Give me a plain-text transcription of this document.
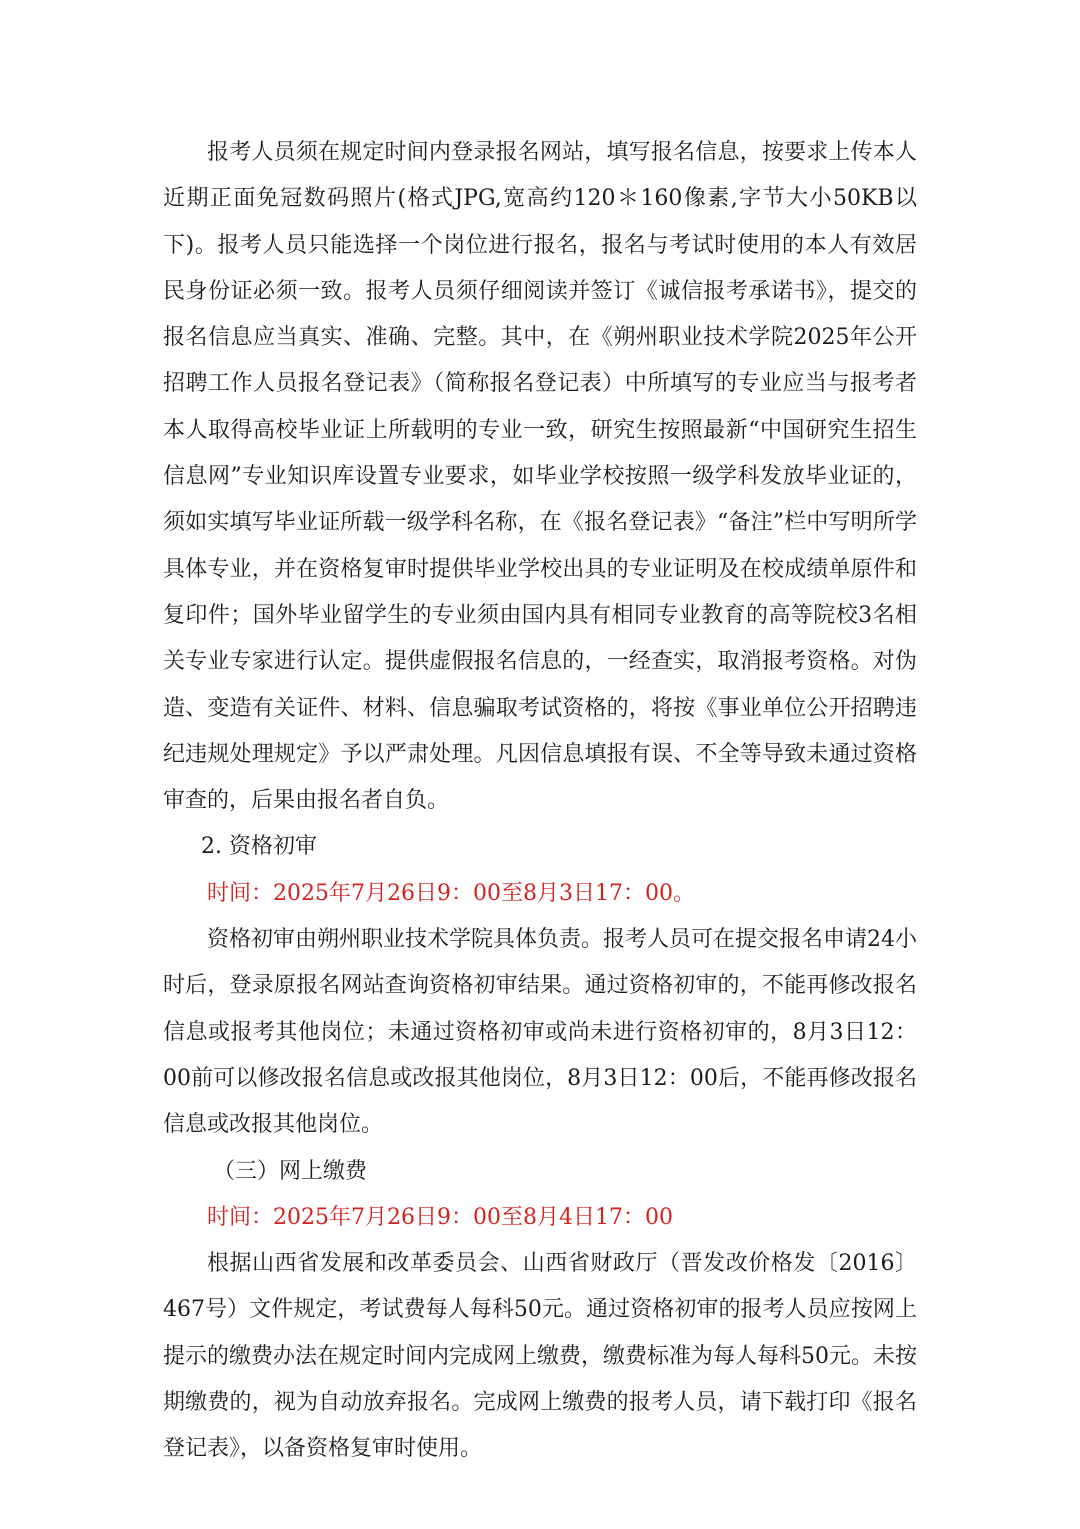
报考人员须在规定时间内登录报名网站，填写报名信息，按要求上传本人近期正面免冠数码照片(格式JPG,宽高约120＊160像素,字节大小50KB以下)。报考人员只能选择一个岗位进行报名，报名与考试时使用的本人有效居民身份证必须一致。报考人员须仔细阅读并签订《诚信报考承诺书》，提交的报名信息应当真实、准确、完整。其中，在《朔州职业技术学院2025年公开招聘工作人员报名登记表》（简称报名登记表）中所填写的专业应当与报考者本人取得高校毕业证上所载明的专业一致，研究生按照最新“中国研究生招生信息网”专业知识库设置专业要求，如毕业学校按照一级学科发放毕业证的，须如实填写毕业证所载一级学科名称，在《报名登记表》“备注”栏中写明所学具体专业，并在资格复审时提供毕业学校出具的专业证明及在校成绩单原件和复印件；国外毕业留学生的专业须由国内具有相同专业教育的高等院校3名相关专业专家进行认定。提供虚假报名信息的，一经查实，取消报考资格。对伪造、变造有关证件、材料、信息骗取考试资格的，将按《事业单位公开招聘违纪违规处理规定》予以严肃处理。凡因信息填报有误、不全等导致未通过资格审查的，后果由报名者自负。

2. 资格初审

时间：2025年7月26日9：00至8月3日17：00。

资格初审由朔州职业技术学院具体负责。报考人员可在提交报名申请24小时后，登录原报名网站查询资格初审结果。通过资格初审的，不能再修改报名信息或报考其他岗位；未通过资格初审或尚未进行资格初审的，8月3日12：00前可以修改报名信息或改报其他岗位，8月3日12：00后，不能再修改报名信息或改报其他岗位。

（三）网上缴费

时间：2025年7月26日9：00至8月4日17：00

根据山西省发展和改革委员会、山西省财政厅（晋发改价格发〔2016〕467号）文件规定，考试费每人每科50元。通过资格初审的报考人员应按网上提示的缴费办法在规定时间内完成网上缴费，缴费标准为每人每科50元。未按期缴费的，视为自动放弃报名。完成网上缴费的报考人员，请下载打印《报名登记表》，以备资格复审时使用。
